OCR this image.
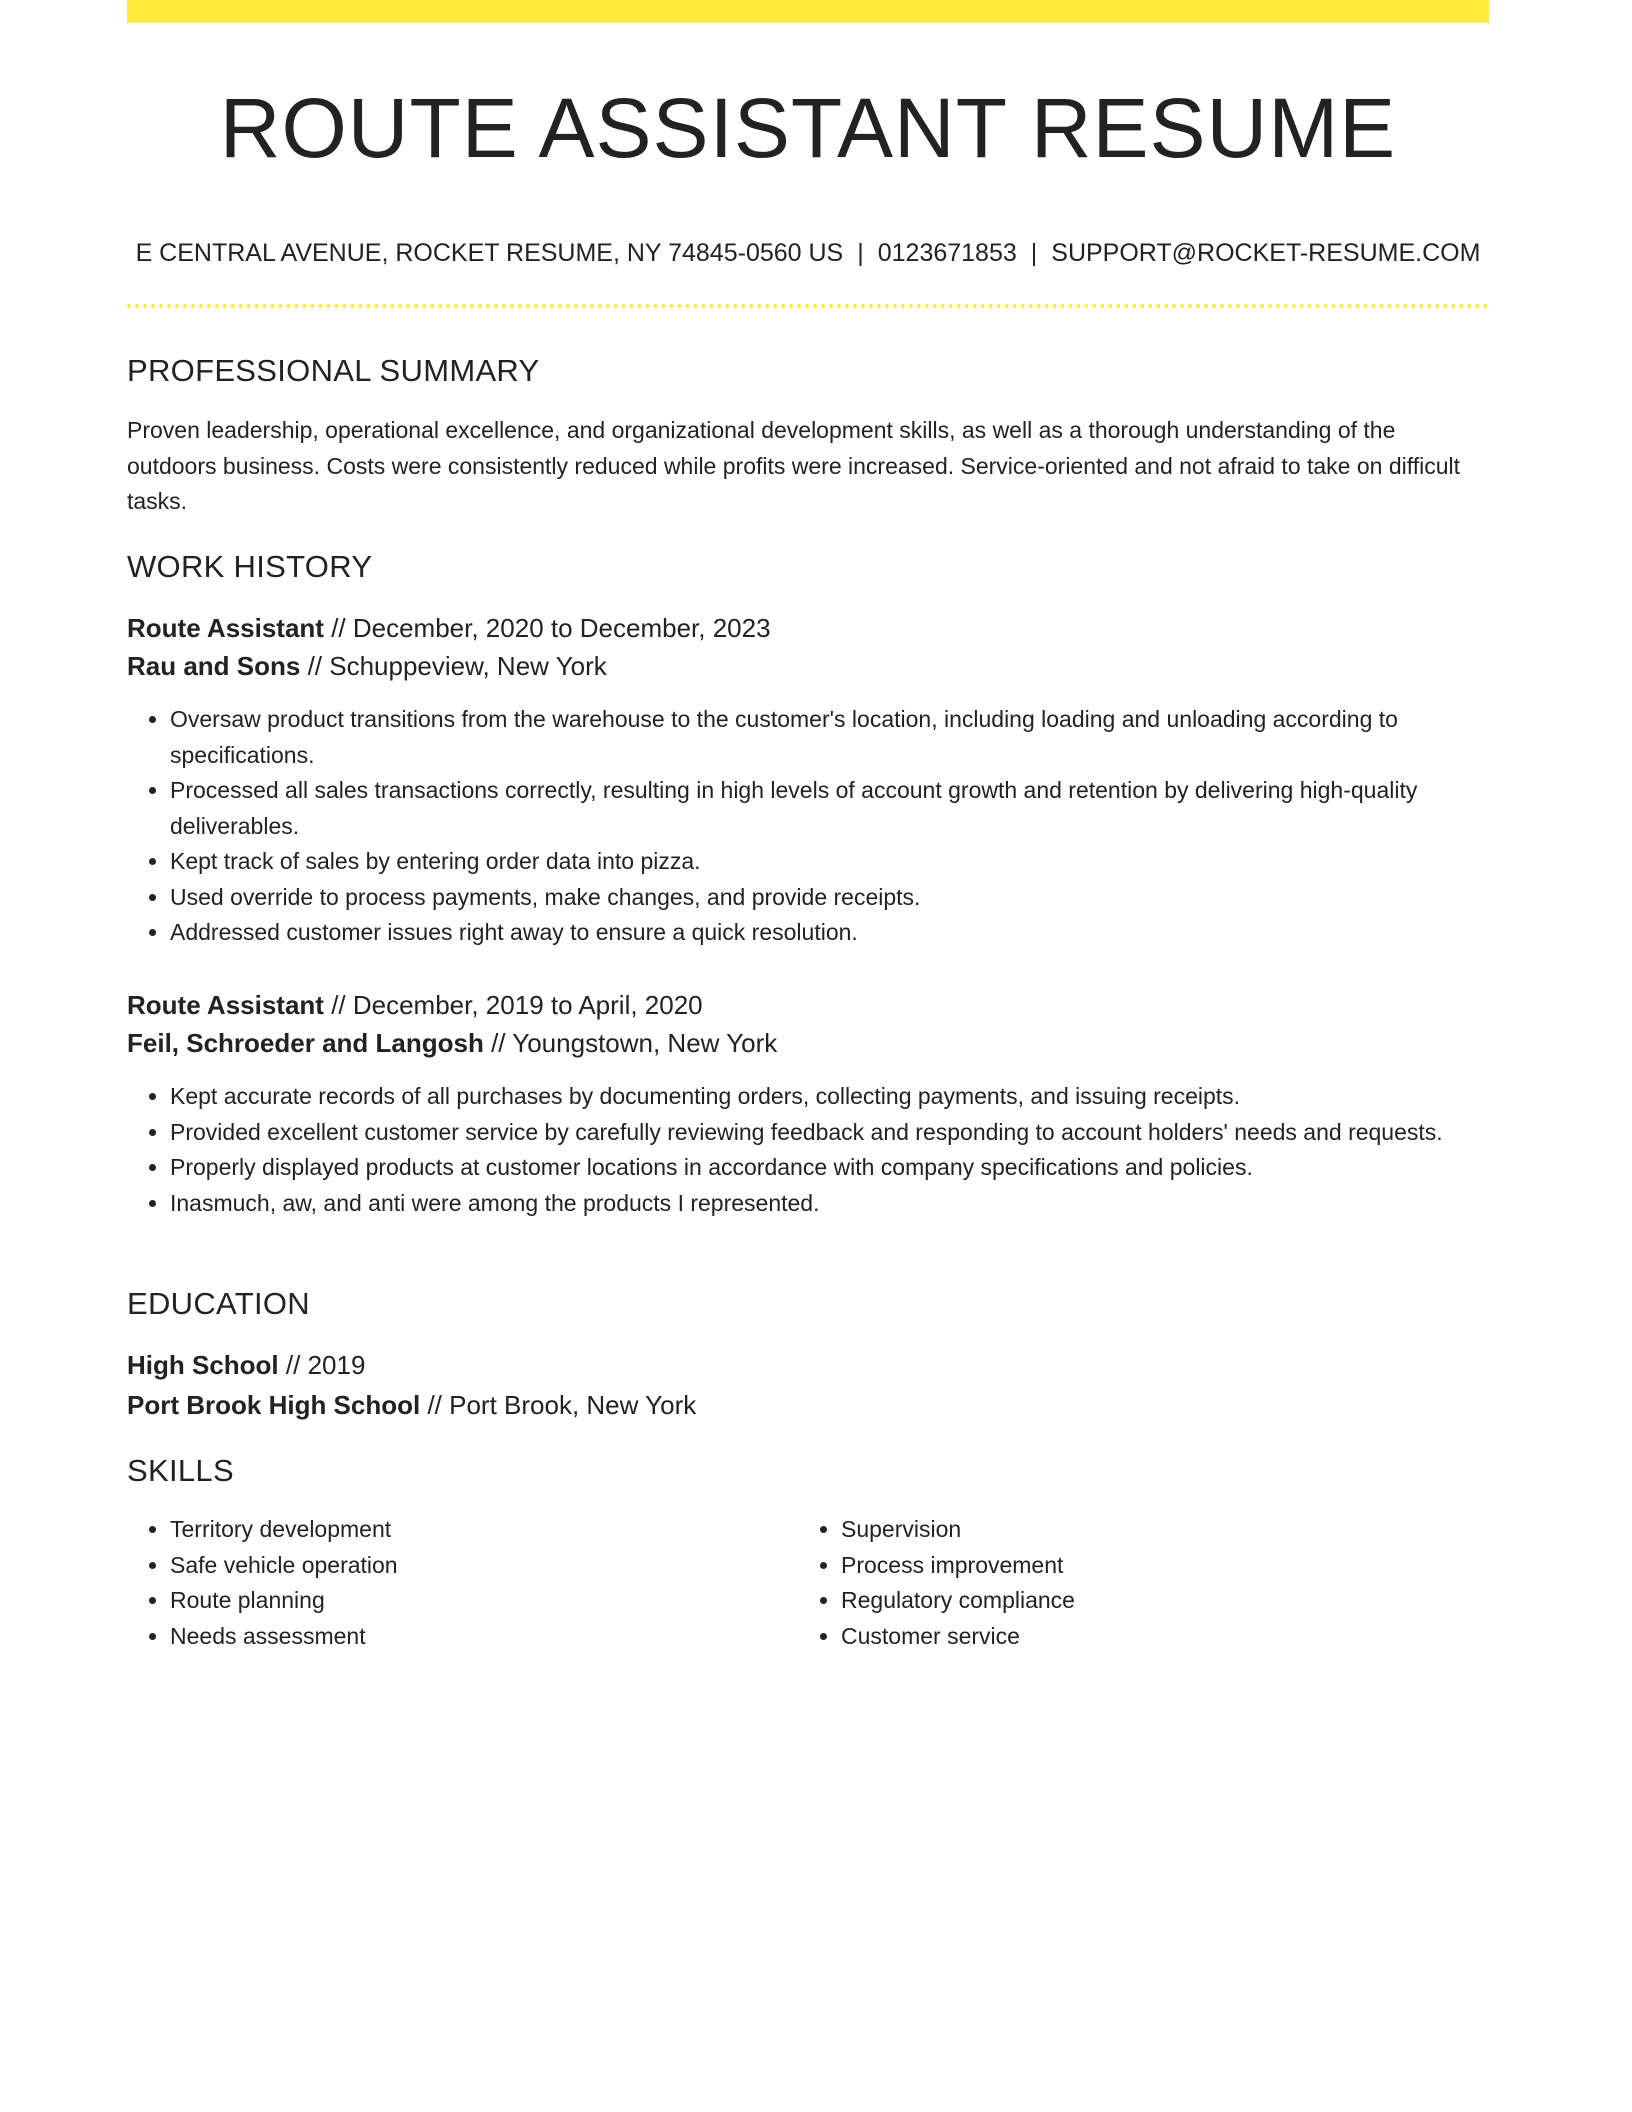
ROUTE ASSISTANT RESUME
E CENTRAL AVENUE, ROCKET RESUME, NY 74845-0560 US | 0123671853 | SUPPORT@ROCKET-RESUME.COM
PROFESSIONAL SUMMARY
Proven leadership, operational excellence, and organizational development skills, as well as a thorough understanding of the outdoors business. Costs were consistently reduced while profits were increased. Service-oriented and not afraid to take on difficult tasks.
WORK HISTORY
Route Assistant // December, 2020 to December, 2023
Rau and Sons // Schuppeview, New York
• Oversaw product transitions from the warehouse to the customer's location, including loading and unloading according to specifications.
• Processed all sales transactions correctly, resulting in high levels of account growth and retention by delivering high-quality deliverables.
• Kept track of sales by entering order data into pizza.
• Used override to process payments, make changes, and provide receipts.
• Addressed customer issues right away to ensure a quick resolution.
Route Assistant // December, 2019 to April, 2020
Feil, Schroeder and Langosh // Youngstown, New York
• Kept accurate records of all purchases by documenting orders, collecting payments, and issuing receipts.
• Provided excellent customer service by carefully reviewing feedback and responding to account holders' needs and requests.
• Properly displayed products at customer locations in accordance with company specifications and policies.
• Inasmuch, aw, and anti were among the products I represented.
EDUCATION
High School // 2019
Port Brook High School // Port Brook, New York
SKILLS
• Territory development
• Safe vehicle operation
• Route planning
• Needs assessment
• Supervision
• Process improvement
• Regulatory compliance
• Customer service
